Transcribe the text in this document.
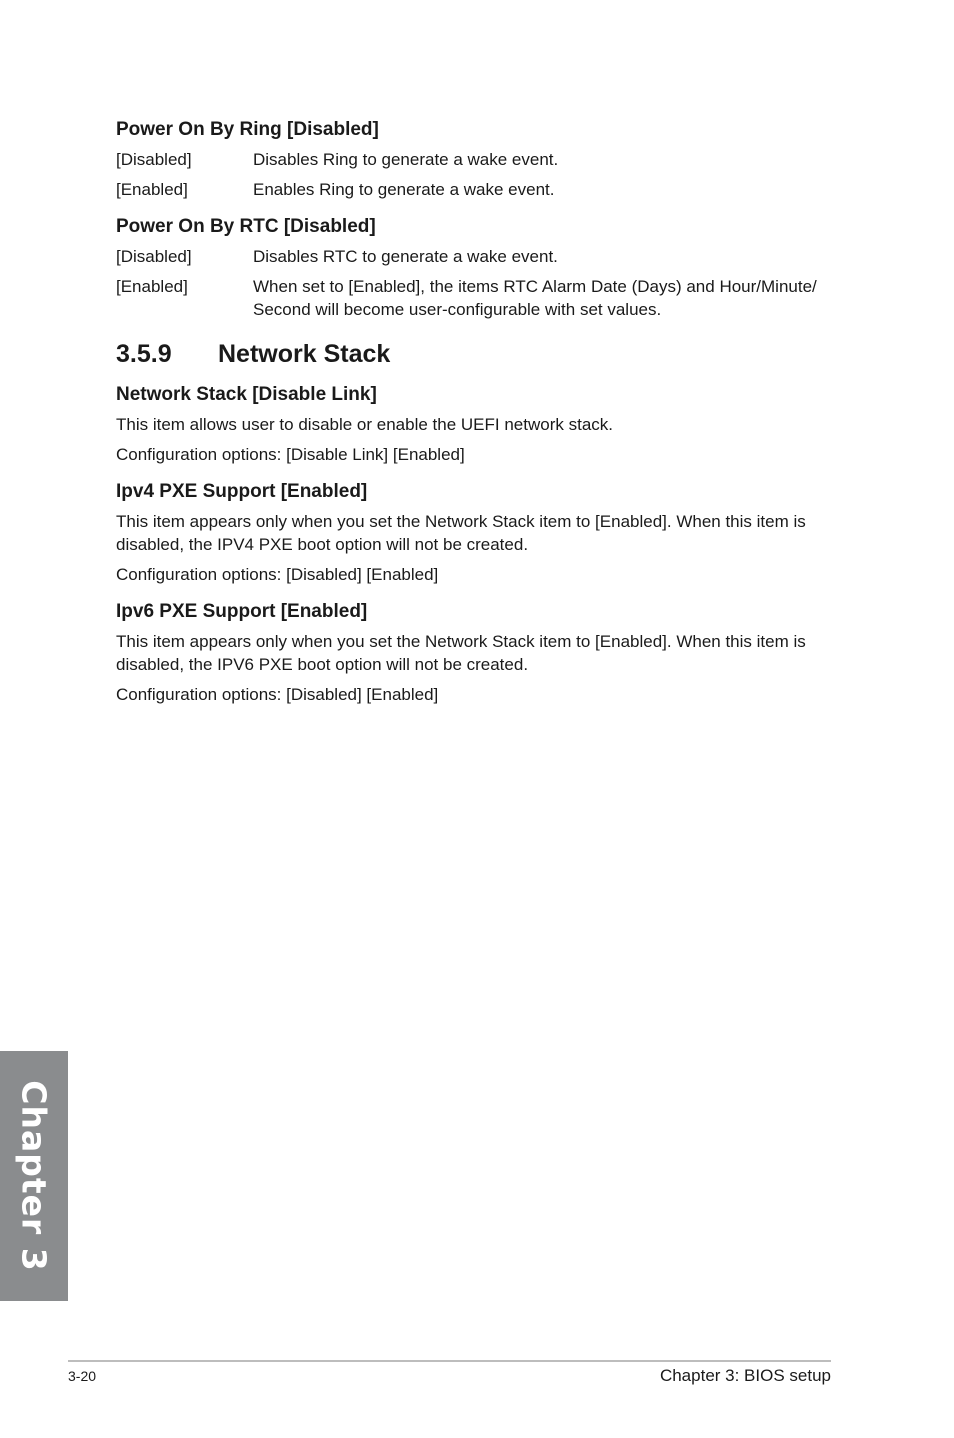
Power On By Ring [Disabled]
[Disabled]	Disables Ring to generate a wake event.
[Enabled]	Enables Ring to generate a wake event.
Power On By RTC [Disabled]
[Disabled]	Disables RTC to generate a wake event.
[Enabled]	When set to [Enabled], the items RTC Alarm Date (Days) and Hour/Minute/ Second will become user-configurable with set values.
3.5.9	Network Stack
Network Stack [Disable Link]
This item allows user to disable or enable the UEFI network stack.
Configuration options: [Disable Link] [Enabled]
Ipv4 PXE Support [Enabled]
This item appears only when you set the Network Stack item to [Enabled]. When this item is disabled, the IPV4 PXE boot option will not be created.
Configuration options: [Disabled] [Enabled]
Ipv6 PXE Support [Enabled]
This item appears only when you set the Network Stack item to [Enabled]. When this item is disabled, the IPV6 PXE boot option will not be created.
Configuration options: [Disabled] [Enabled]
Chapter 3
3-20	Chapter 3: BIOS setup
